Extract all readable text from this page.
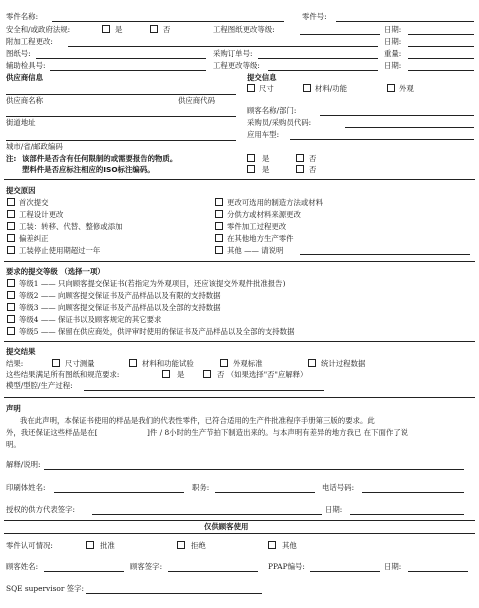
零件名称:	零件号:
安全和/或政府法规:	是	否	工程图纸更改等级:	日期:
附加工程更改:	日期:
图纸号:	采购订单号:	重量:
辅助检具号:	工程更改等级:	日期:
供应商信息	提交信息
尺寸	材料/功能	外观
供应商名称	供应商代码
顾客名称/部门:
街道地址	采购员/采购员代码:
应用车型:
城市/省/邮政编码
注: 该部件是否含有任何限制的或需要报告的物质。	是	否
塑料件是否应标注相应的ISO标注编码。	是	否
提交原因
首次提交
工程设计更改
工装：转移、代替、整修或添加
偏差纠正
工装停止使用期超过一年
更改可选用的制造方法或材料
分供方或材料来源更改
零件加工过程更改
在其他地方生产零件
其他 —— 请说明
要求的提交等级 （选择一项）
等级1 —— 只向顾客提交保证书(若指定为外观项目，还应该提交外观件批准报告)
等级2 —— 向顾客提交保证书及产品样品以及有限的支持数据
等级3 —— 向顾客提交保证书及产品样品以及全部的支持数据
等级4 —— 保证书以及顾客规定的其它要求
等级5 —— 保留在供应商处，供评审时使用的保证书及产品样品以及全部的支持数据
提交结果
结果:	尺寸测量	材料和功能试验	外观标准	统计过程数据
这些结果满足所有图纸和规范要求:	是	否 （如果选择"否"应解释）
模型/型腔/生产过程:
声明
我在此声明，本保证书使用的样品是我们的代表性零件，已符合适用的生产件批准程序手册第三版的要求。此
外，我还保证这些样品是在[	]件 / 8小时的生产节拍下制造出来的。与本声明有差异的地方我已 在下面作了说
明。
解释/说明:
印刷体姓名:	职务:	电话号码:
授权的供方代表签字:	日期:
仅供顾客使用
零件认可情况:	批准	拒绝	其他
顾客姓名:	顾客签字:	PPAP编号:	日期:
SQE supervisor 签字:
